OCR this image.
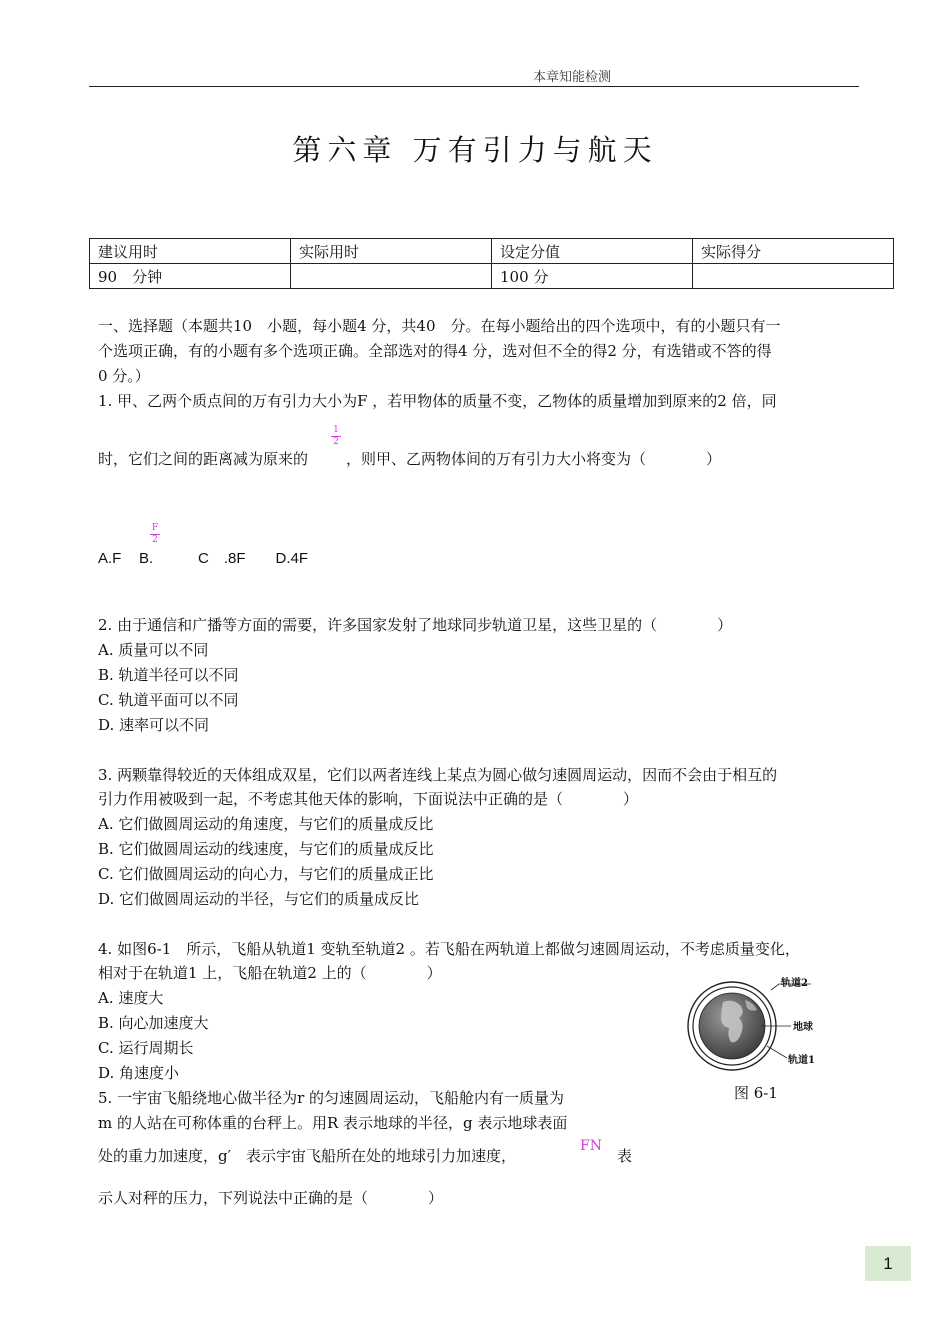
本章知能检测
第六章 万有引力与航天
建议用时	实际用时	设定分值	实际得分
90　分钟		100 分	
一、选择题（本题共10　小题，每小题4 分，共40　分。在每小题给出的四个选项中，有的小题只有一
个选项正确，有的小题有多个选项正确。全部选对的得4 分，选对但不全的得2 分，有选错或不答的得
0 分。）
1. 甲、乙两个质点间的万有引力大小为F ，若甲物体的质量不变，乙物体的质量增加到原来的2 倍，同
1
2
时，它们之间的距离减为原来的	，则甲、乙两物体间的万有引力大小将变为（　　　　）
F
2
A.F B.	C　.8F　　D.4F
2. 由于通信和广播等方面的需要，许多国家发射了地球同步轨道卫星，这些卫星的（　　　　）
A. 质量可以不同
B. 轨道半径可以不同
C. 轨道平面可以不同
D. 速率可以不同
3. 两颗靠得较近的天体组成双星，它们以两者连线上某点为圆心做匀速圆周运动，因而不会由于相互的
引力作用被吸到一起，不考虑其他天体的影响，下面说法中正确的是（　　　　）
A. 它们做圆周运动的角速度，与它们的质量成反比
B. 它们做圆周运动的线速度，与它们的质量成反比
C. 它们做圆周运动的向心力，与它们的质量成正比
D. 它们做圆周运动的半径，与它们的质量成反比
4. 如图6-1　所示，飞船从轨道1 变轨至轨道2 。若飞船在两轨道上都做匀速圆周运动，不考虑质量变化，
相对于在轨道1 上，飞船在轨道2 上的（　　　　）
A. 速度大
B. 向心加速度大
C. 运行周期长
D. 角速度小
轨道2
地球
轨道1
图 6-1
5. 一宇宙飞船绕地心做半径为r 的匀速圆周运动，飞船舱内有一质量为
m 的人站在可称体重的台秤上。用R 表示地球的半径，g 表示地球表面
处的重力加速度，g′　表示宇宙飞船所在处的地球引力加速度，
FN
表
示人对秤的压力，下列说法中正确的是（　　　　）
1
